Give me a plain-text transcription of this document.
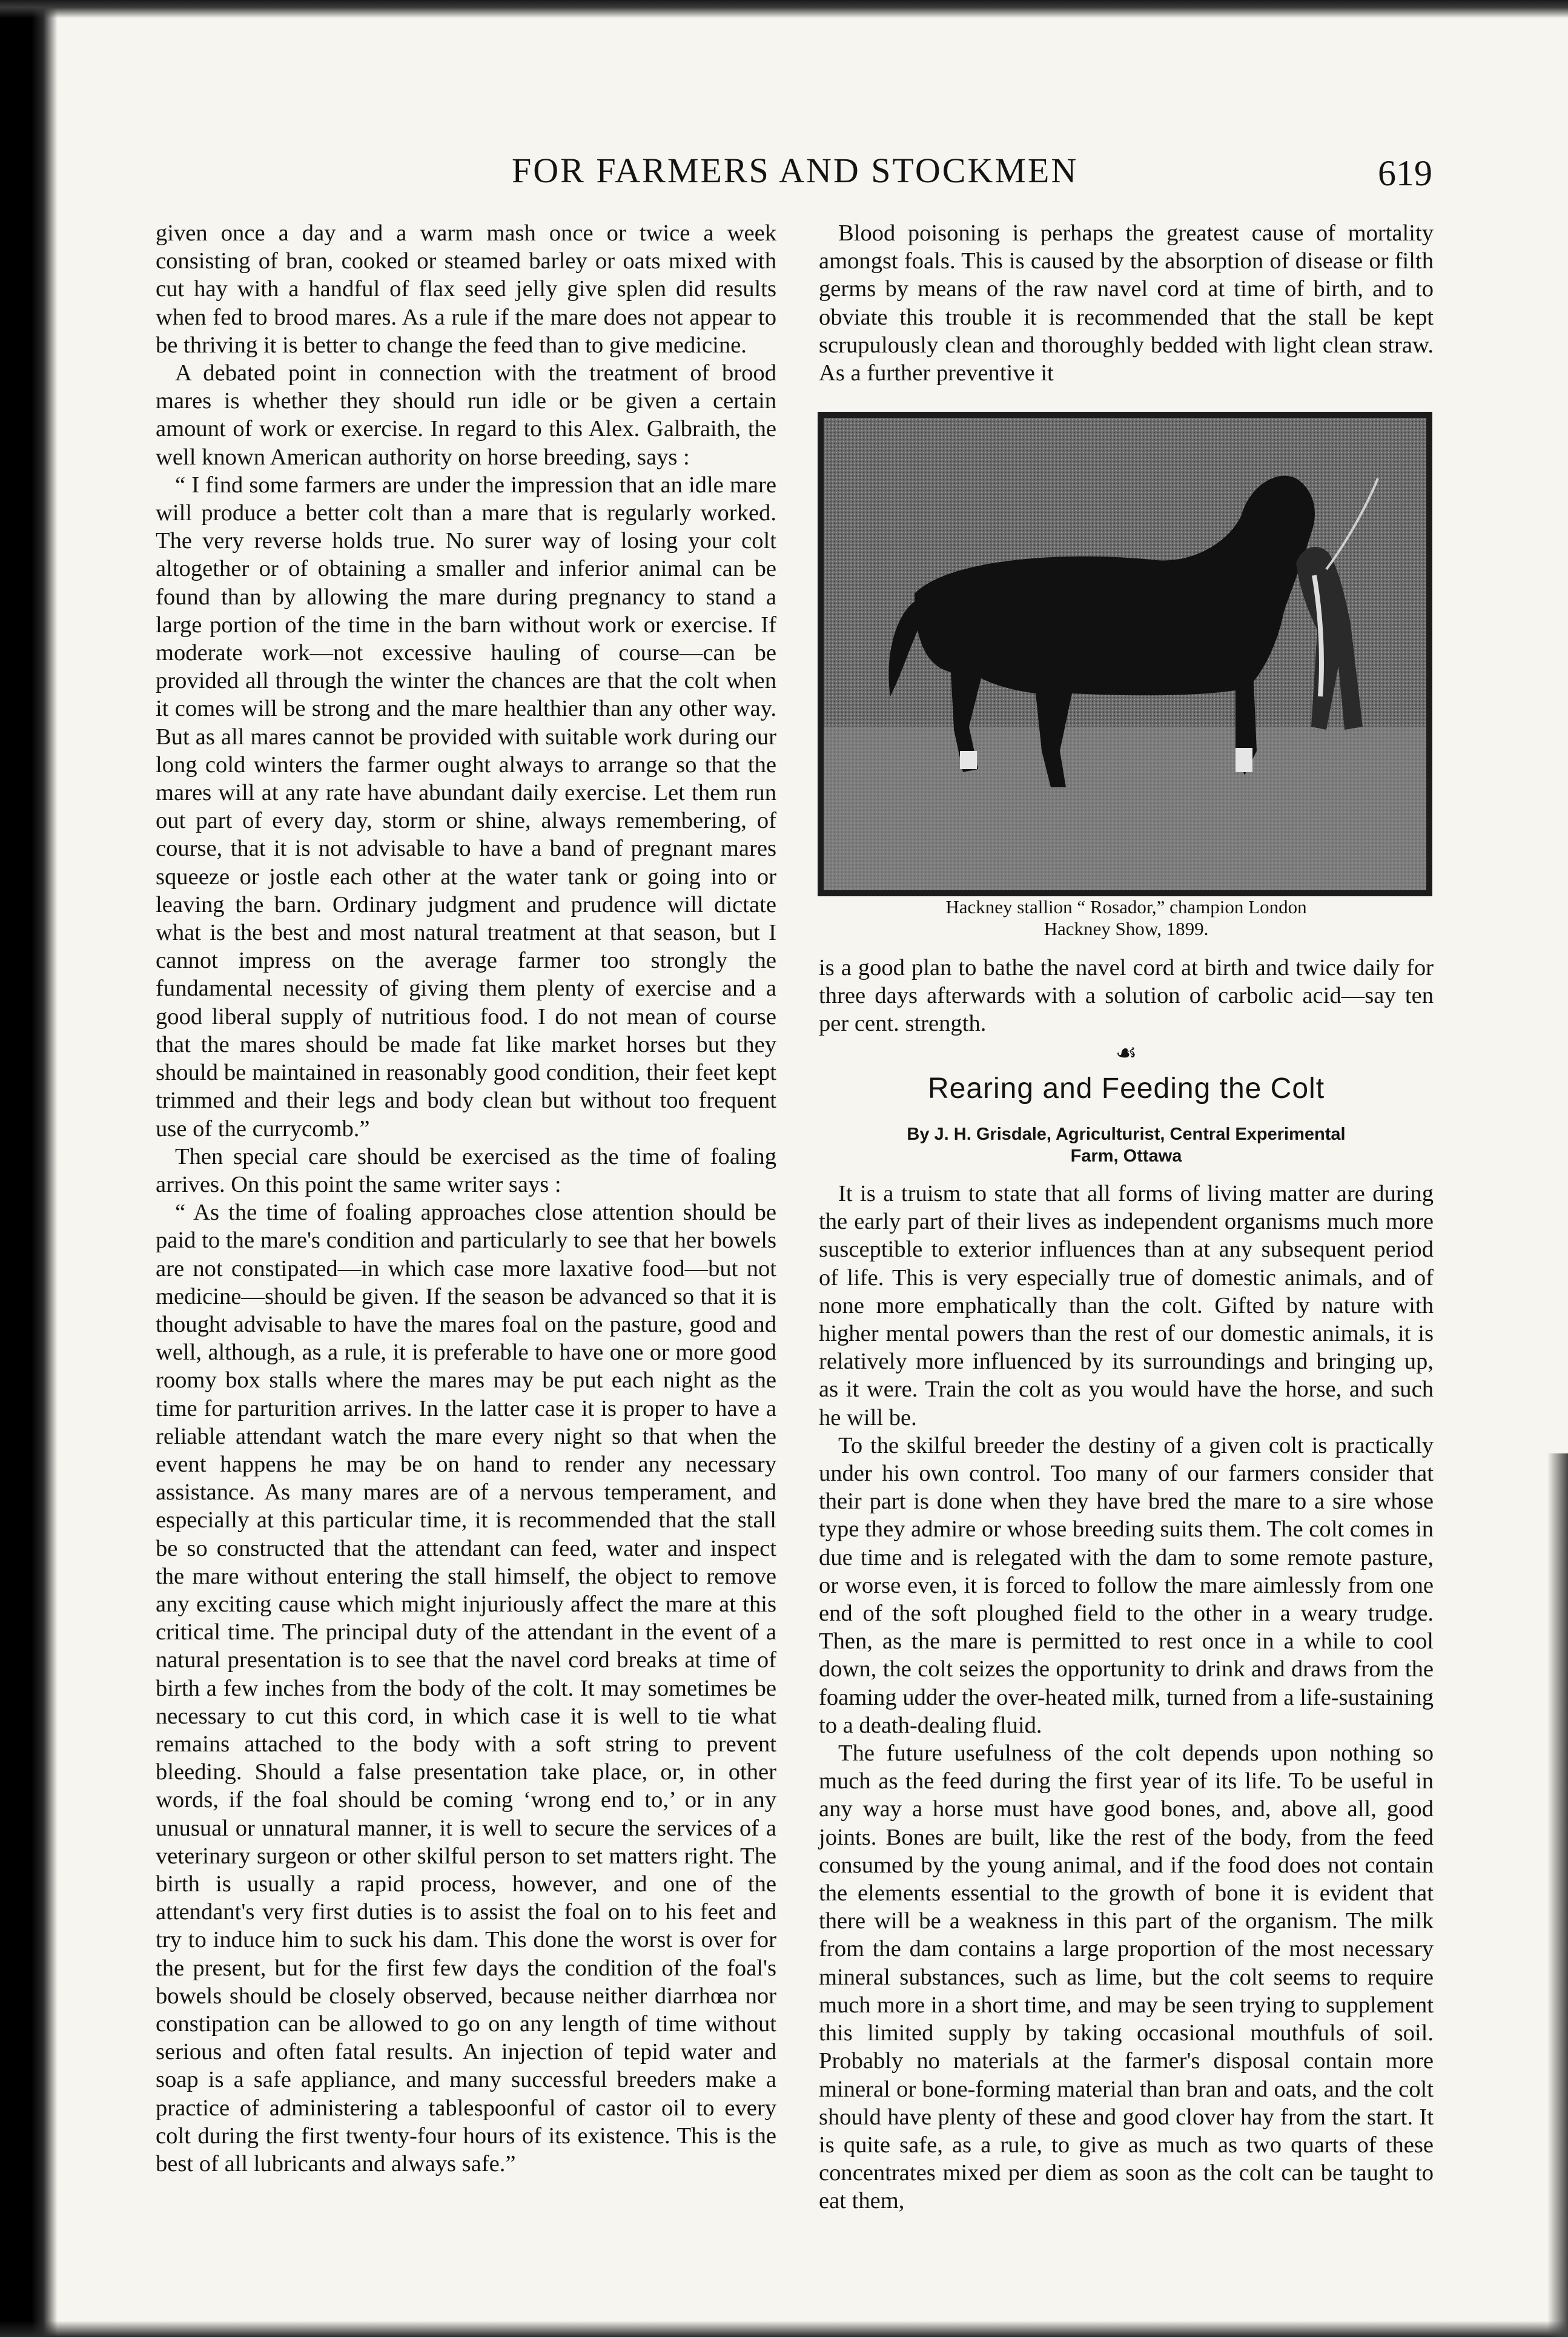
FOR FARMERS AND STOCKMEN	619

given once a day and a warm mash once or twice a week consisting of bran, cooked or steamed barley or oats mixed with cut hay with a handful of flax seed jelly give splen did results when fed to brood mares. As a rule if the mare does not appear to be thriving it is better to change the feed than to give medicine.

A debated point in connection with the treatment of brood mares is whether they should run idle or be given a certain amount of work or exercise. In regard to this Alex. Galbraith, the well known American authority on horse breeding, says :

“ I find some farmers are under the impression that an idle mare will produce a better colt than a mare that is regularly worked. The very reverse holds true. No surer way of losing your colt altogether or of obtaining a smaller and inferior animal can be found than by allowing the mare during pregnancy to stand a large portion of the time in the barn without work or exercise. If moderate work—not excessive hauling of course—can be provided all through the winter the chances are that the colt when it comes will be strong and the mare healthier than any other way. But as all mares cannot be provided with suitable work during our long cold winters the farmer ought always to arrange so that the mares will at any rate have abundant daily exercise. Let them run out part of every day, storm or shine, always remembering, of course, that it is not advisable to have a band of pregnant mares squeeze or jostle each other at the water tank or going into or leaving the barn. Ordinary judgment and prudence will dictate what is the best and most natural treatment at that season, but I cannot impress on the average farmer too strongly the fundamental necessity of giving them plenty of exercise and a good liberal supply of nutritious food. I do not mean of course that the mares should be made fat like market horses but they should be maintained in reasonably good condition, their feet kept trimmed and their legs and body clean but without too frequent use of the currycomb.”

Then special care should be exercised as the time of foaling arrives. On this point the same writer says :

“ As the time of foaling approaches close attention should be paid to the mare's condition and particularly to see that her bowels are not constipated—in which case more laxative food—but not medicine—should be given. If the season be advanced so that it is thought advisable to have the mares foal on the pasture, good and well, although, as a rule, it is preferable to have one or more good roomy box stalls where the mares may be put each night as the time for parturition arrives. In the latter case it is proper to have a reliable attendant watch the mare every night so that when the event happens he may be on hand to render any necessary assistance. As many mares are of a nervous temperament, and especially at this particular time, it is recommended that the stall be so constructed that the attendant can feed, water and inspect the mare without entering the stall himself, the object to remove any exciting cause which might injuriously affect the mare at this critical time. The principal duty of the attendant in the event of a natural presentation is to see that the navel cord breaks at time of birth a few inches from the body of the colt. It may sometimes be necessary to cut this cord, in which case it is well to tie what remains attached to the body with a soft string to prevent bleeding. Should a false presentation take place, or, in other words, if the foal should be coming ‘wrong end to,’ or in any unusual or unnatural manner, it is well to secure the services of a veterinary surgeon or other skilful person to set matters right. The birth is usually a rapid process, however, and one of the attendant's very first duties is to assist the foal on to his feet and try to induce him to suck his dam. This done the worst is over for the present, but for the first few days the condition of the foal's bowels should be closely observed, because neither diarrhœa nor constipation can be allowed to go on any length of time without serious and often fatal results. An injection of tepid water and soap is a safe appliance, and many successful breeders make a practice of administering a tablespoonful of castor oil to every colt during the first twenty-four hours of its existence. This is the best of all lubricants and always safe.”

Blood poisoning is perhaps the greatest cause of mortality amongst foals. This is caused by the absorption of disease or filth germs by means of the raw navel cord at time of birth, and to obviate this trouble it is recommended that the stall be kept scrupulously clean and thoroughly bedded with light clean straw. As a further preventive it

Hackney stallion “ Rosador,” champion London
Hackney Show, 1899.

is a good plan to bathe the navel cord at birth and twice daily for three days afterwards with a solution of carbolic acid—say ten per cent. strength.

☙
Rearing and Feeding the Colt
By J. H. Grisdale, Agriculturist, Central Experimental
Farm, Ottawa

It is a truism to state that all forms of living matter are during the early part of their lives as independent organisms much more susceptible to exterior influences than at any subsequent period of life. This is very especially true of domestic animals, and of none more emphatically than the colt. Gifted by nature with higher mental powers than the rest of our domestic animals, it is relatively more influenced by its surroundings and bringing up, as it were. Train the colt as you would have the horse, and such he will be.

To the skilful breeder the destiny of a given colt is practically under his own control. Too many of our farmers consider that their part is done when they have bred the mare to a sire whose type they admire or whose breeding suits them. The colt comes in due time and is relegated with the dam to some remote pasture, or worse even, it is forced to follow the mare aimlessly from one end of the soft ploughed field to the other in a weary trudge. Then, as the mare is permitted to rest once in a while to cool down, the colt seizes the opportunity to drink and draws from the foaming udder the over-heated milk, turned from a life-sustaining to a death-dealing fluid.

The future usefulness of the colt depends upon nothing so much as the feed during the first year of its life. To be useful in any way a horse must have good bones, and, above all, good joints. Bones are built, like the rest of the body, from the feed consumed by the young animal, and if the food does not contain the elements essential to the growth of bone it is evident that there will be a weakness in this part of the organism. The milk from the dam contains a large proportion of the most necessary mineral substances, such as lime, but the colt seems to require much more in a short time, and may be seen trying to supplement this limited supply by taking occasional mouthfuls of soil. Probably no materials at the farmer's disposal contain more mineral or bone-forming material than bran and oats, and the colt should have plenty of these and good clover hay from the start. It is quite safe, as a rule, to give as much as two quarts of these concentrates mixed per diem as soon as the colt can be taught to eat them,
